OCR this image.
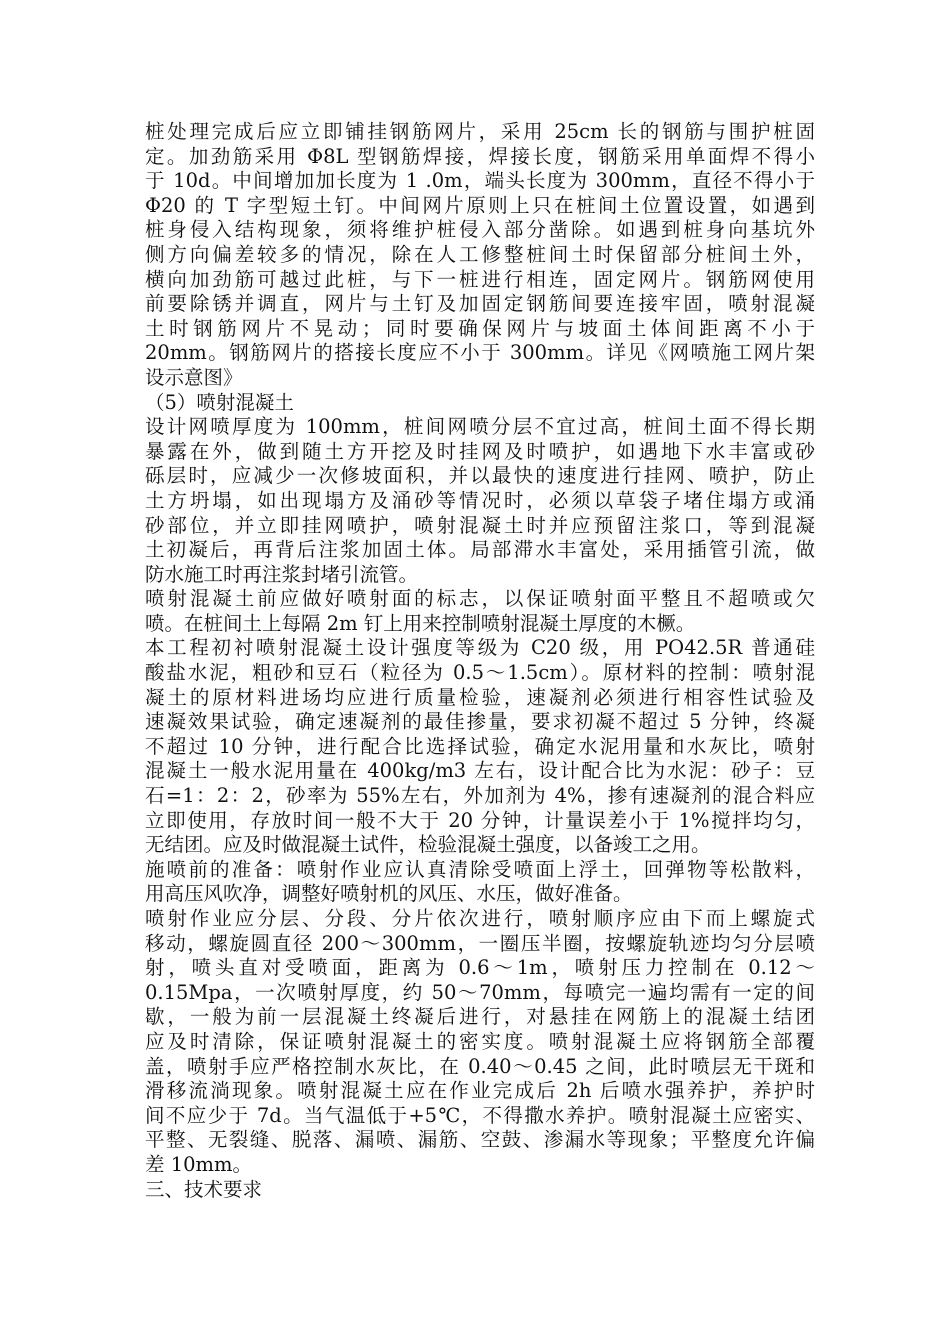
桩处理完成后应立即铺挂钢筋网片，采用 25cm 长的钢筋与围护桩固
定。加劲筋采用 Φ8L 型钢筋焊接，焊接长度，钢筋采用单面焊不得小
于 10d。中间增加加长度为 1 .0m，端头长度为 300mm，直径不得小于
Φ20 的 T 字型短土钉。中间网片原则上只在桩间土位置设置，如遇到
桩身侵入结构现象，须将维护桩侵入部分凿除。如遇到桩身向基坑外
侧方向偏差较多的情况，除在人工修整桩间土时保留部分桩间土外，
横向加劲筋可越过此桩，与下一桩进行相连，固定网片。钢筋网使用
前要除锈并调直，网片与土钉及加固定钢筋间要连接牢固，喷射混凝
土时钢筋网片不晃动；同时要确保网片与坡面土体间距离不小于
20mm。钢筋网片的搭接长度应不小于 300mm。详见《网喷施工网片架
设示意图》
（5）喷射混凝土
设计网喷厚度为 100mm，桩间网喷分层不宜过高，桩间土面不得长期
暴露在外，做到随土方开挖及时挂网及时喷护，如遇地下水丰富或砂
砾层时，应减少一次修坡面积，并以最快的速度进行挂网、喷护，防止
土方坍塌，如出现塌方及涌砂等情况时，必须以草袋子堵住塌方或涌
砂部位，并立即挂网喷护，喷射混凝土时并应预留注浆口，等到混凝
土初凝后，再背后注浆加固土体。局部滞水丰富处，采用插管引流，做
防水施工时再注浆封堵引流管。
喷射混凝土前应做好喷射面的标志，以保证喷射面平整且不超喷或欠
喷。在桩间土上每隔 2m 钉上用来控制喷射混凝土厚度的木橛。
本工程初衬喷射混凝土设计强度等级为 C20 级，用 PO42.5R 普通硅
酸盐水泥，粗砂和豆石（粒径为 0.5～1.5cm）。原材料的控制：喷射混
凝土的原材料进场均应进行质量检验，速凝剂必须进行相容性试验及
速凝效果试验，确定速凝剂的最佳掺量，要求初凝不超过 5 分钟，终凝
不超过 10 分钟，进行配合比选择试验，确定水泥用量和水灰比，喷射
混凝土一般水泥用量在 400kg/m3 左右，设计配合比为水泥：砂子：豆
石=1：2：2，砂率为 55%左右，外加剂为 4%，掺有速凝剂的混合料应
立即使用，存放时间一般不大于 20 分钟，计量误差小于 1%搅拌均匀，
无结团。应及时做混凝土试件，检验混凝土强度，以备竣工之用。
施喷前的准备：喷射作业应认真清除受喷面上浮土，回弹物等松散料，
用高压风吹净，调整好喷射机的风压、水压，做好准备。
喷射作业应分层、分段、分片依次进行，喷射顺序应由下而上螺旋式
移动，螺旋圆直径 200～300mm，一圈压半圈，按螺旋轨迹均匀分层喷
射，喷头直对受喷面，距离为 0.6～1m，喷射压力控制在 0.12～
0.15Mpa，一次喷射厚度，约 50～70mm，每喷完一遍均需有一定的间
歇，一般为前一层混凝土终凝后进行，对悬挂在网筋上的混凝土结团
应及时清除，保证喷射混凝土的密实度。喷射混凝土应将钢筋全部覆
盖，喷射手应严格控制水灰比，在 0.40～0.45 之间，此时喷层无干斑和
滑移流淌现象。喷射混凝土应在作业完成后 2h 后喷水强养护，养护时
间不应少于 7d。当气温低于+5℃，不得撒水养护。喷射混凝土应密实、
平整、无裂缝、脱落、漏喷、漏筋、空鼓、渗漏水等现象；平整度允许偏
差 10mm。
三、技术要求
